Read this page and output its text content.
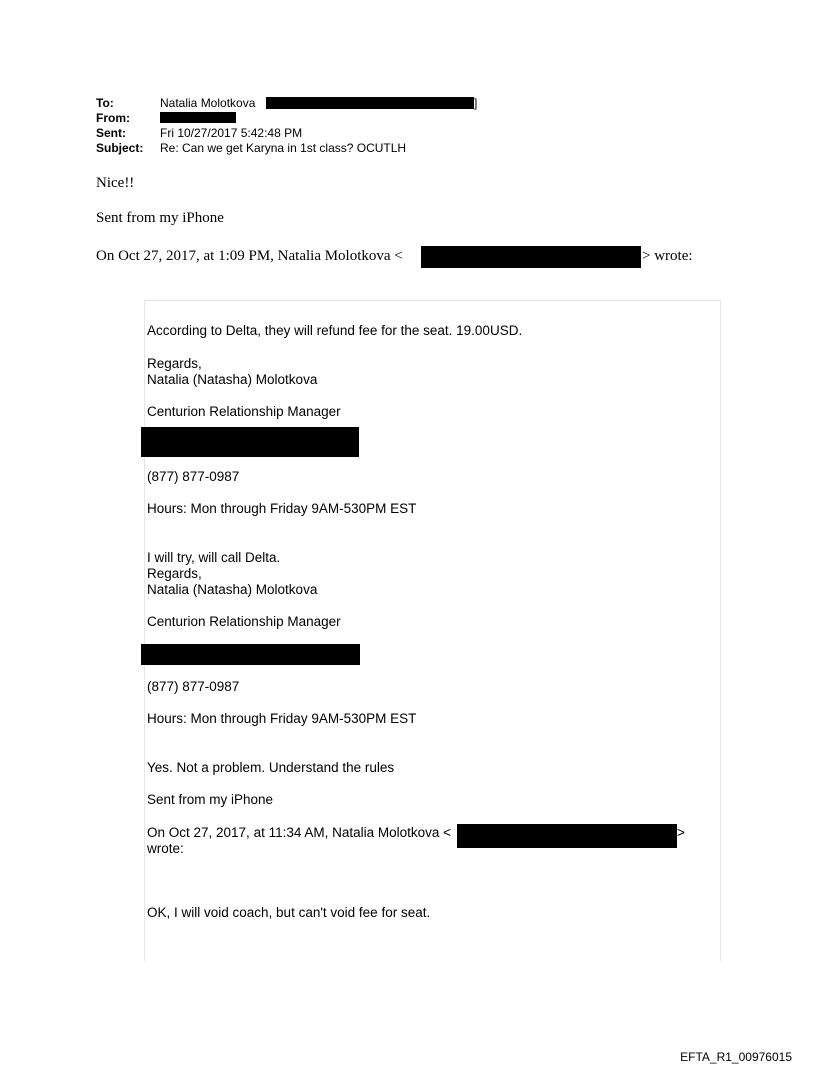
To:	Natalia Molotkova	]
From:
Sent:	Fri 10/27/2017 5:42:48 PM
Subject: Re: Can we get Karyna in 1st class? OCUTLH
Nice!!
Sent from my iPhone
On Oct 27, 2017, at 1:09 PM, Natalia Molotkova <	> wrote:
According to Delta, they will refund fee for the seat. 19.00USD.
Regards,
Natalia (Natasha) Molotkova
Centurion Relationship Manager
(877) 877-0987
Hours: Mon through Friday 9AM-530PM EST
I will try, will call Delta.
Regards,
Natalia (Natasha) Molotkova
Centurion Relationship Manager
(877) 877-0987
Hours: Mon through Friday 9AM-530PM EST
Yes. Not a problem. Understand the rules
Sent from my iPhone
On Oct 27, 2017, at 11:34 AM, Natalia Molotkova <	>
wrote:
OK, I will void coach, but can't void fee for seat.
EFTA_R1_00976015
